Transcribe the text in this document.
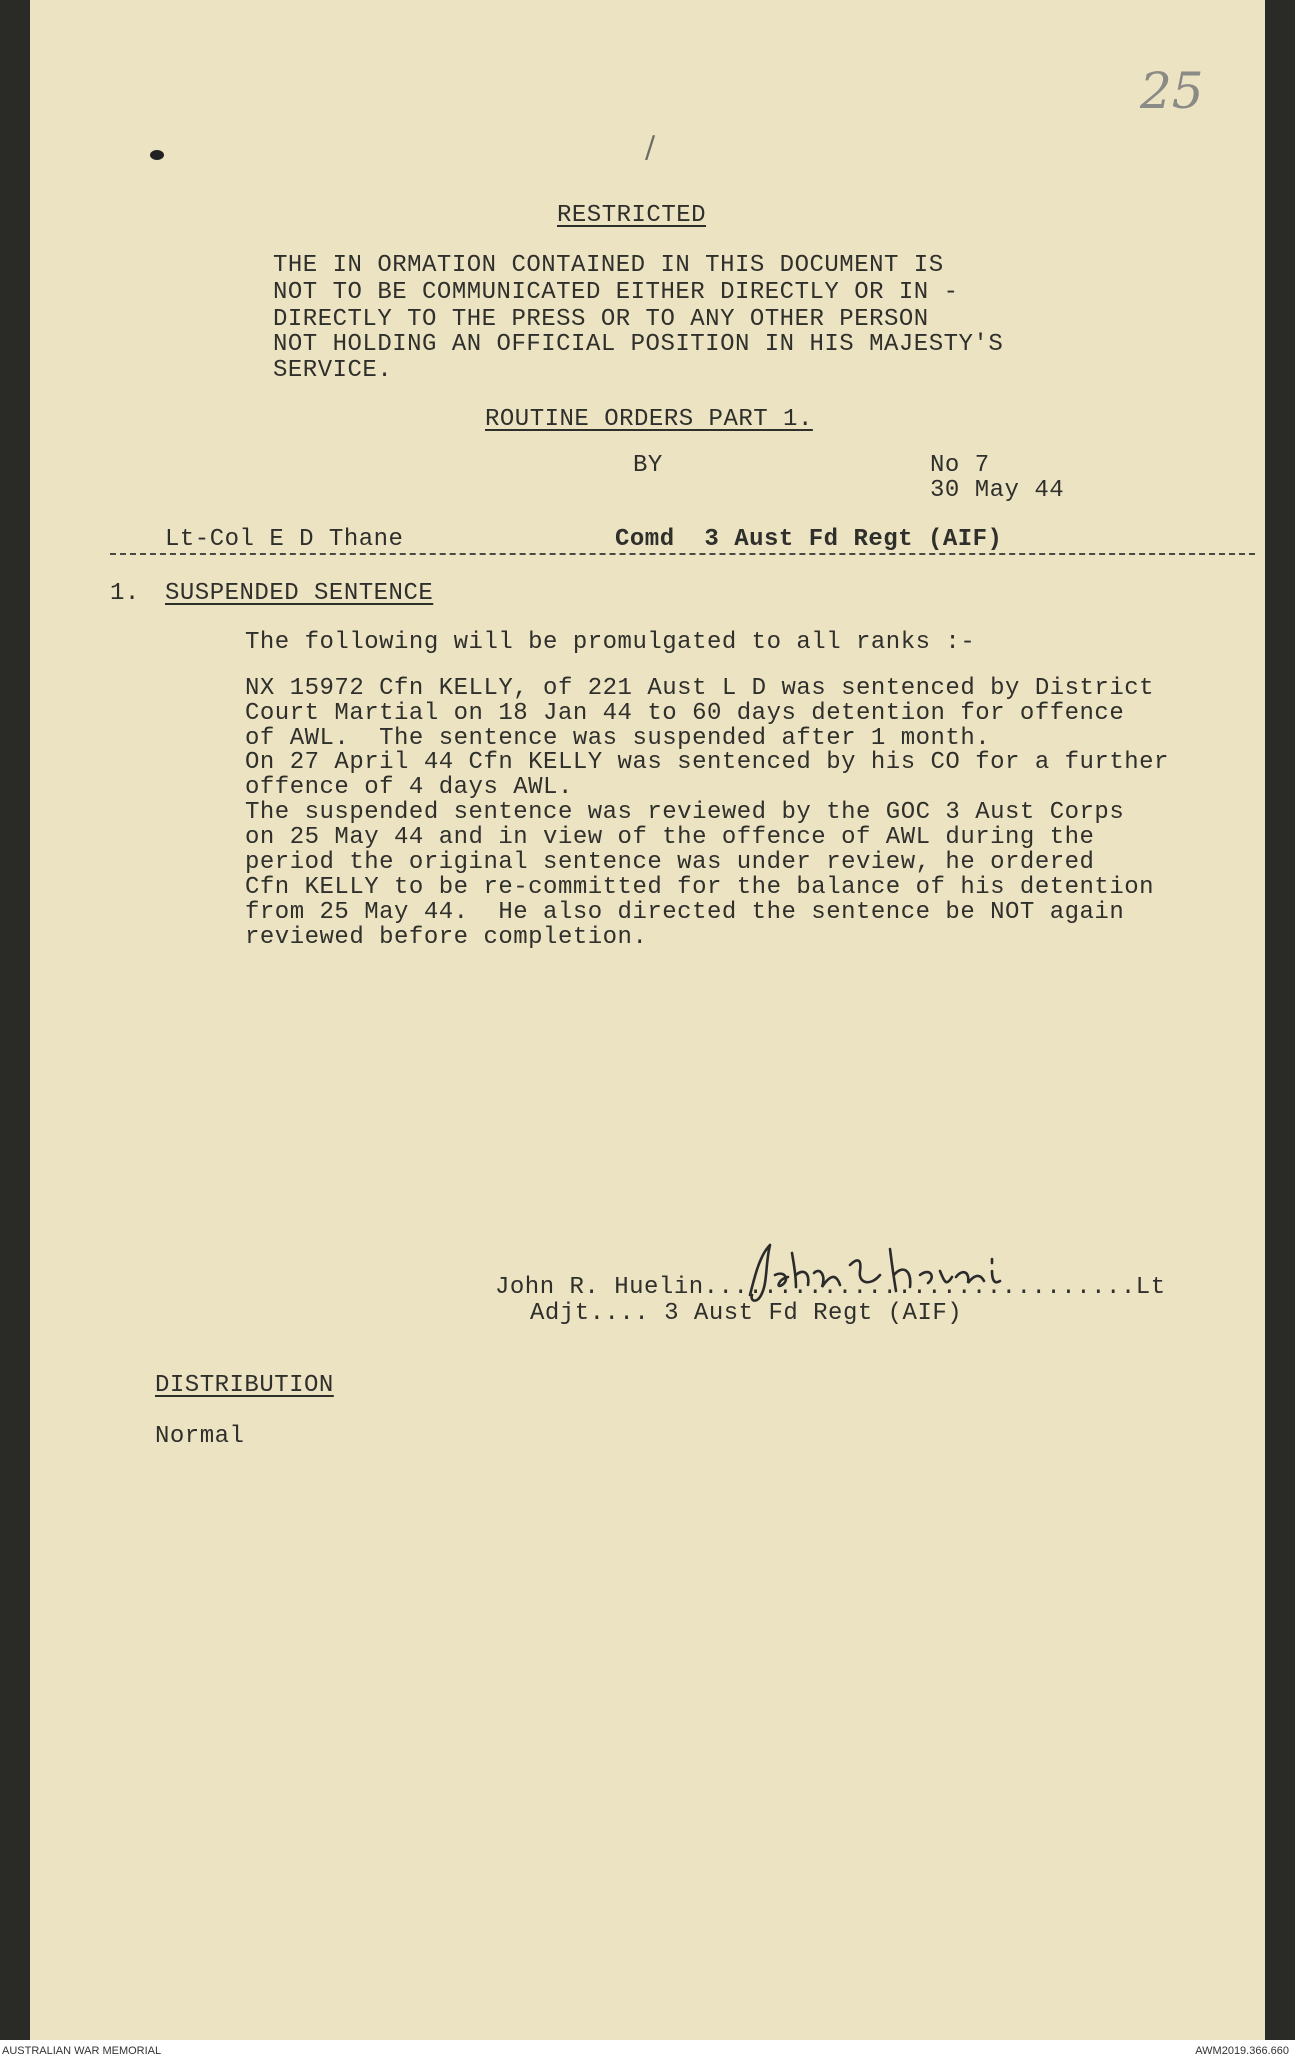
25
/
RESTRICTED
THE IN ORMATION CONTAINED IN THIS DOCUMENT IS
NOT TO BE COMMUNICATED EITHER DIRECTLY OR IN -
DIRECTLY TO THE PRESS OR TO ANY OTHER PERSON
NOT HOLDING AN OFFICIAL POSITION IN HIS MAJESTY'S
SERVICE.
ROUTINE ORDERS PART 1.
BY	No 7
30 May 44
Lt-Col E D Thane	Comd  3 Aust Fd Regt (AIF)
1. SUSPENDED SENTENCE
The following will be promulgated to all ranks :-
NX 15972 Cfn KELLY, of 221 Aust L D was sentenced by District
Court Martial on 18 Jan 44 to 60 days detention for offence
of AWL.  The sentence was suspended after 1 month.
On 27 April 44 Cfn KELLY was sentenced by his CO for a further
offence of 4 days AWL.
The suspended sentence was reviewed by the GOC 3 Aust Corps
on 25 May 44 and in view of the offence of AWL during the
period the original sentence was under review, he ordered
Cfn KELLY to be re-committed for the balance of his detention
from 25 May 44.  He also directed the sentence be NOT again
reviewed before completion.
John R. Huelin.............................Lt
Adjt.... 3 Aust Fd Regt (AIF)
DISTRIBUTION
Normal
AUSTRALIAN WAR MEMORIAL	AWM2019.366.660
